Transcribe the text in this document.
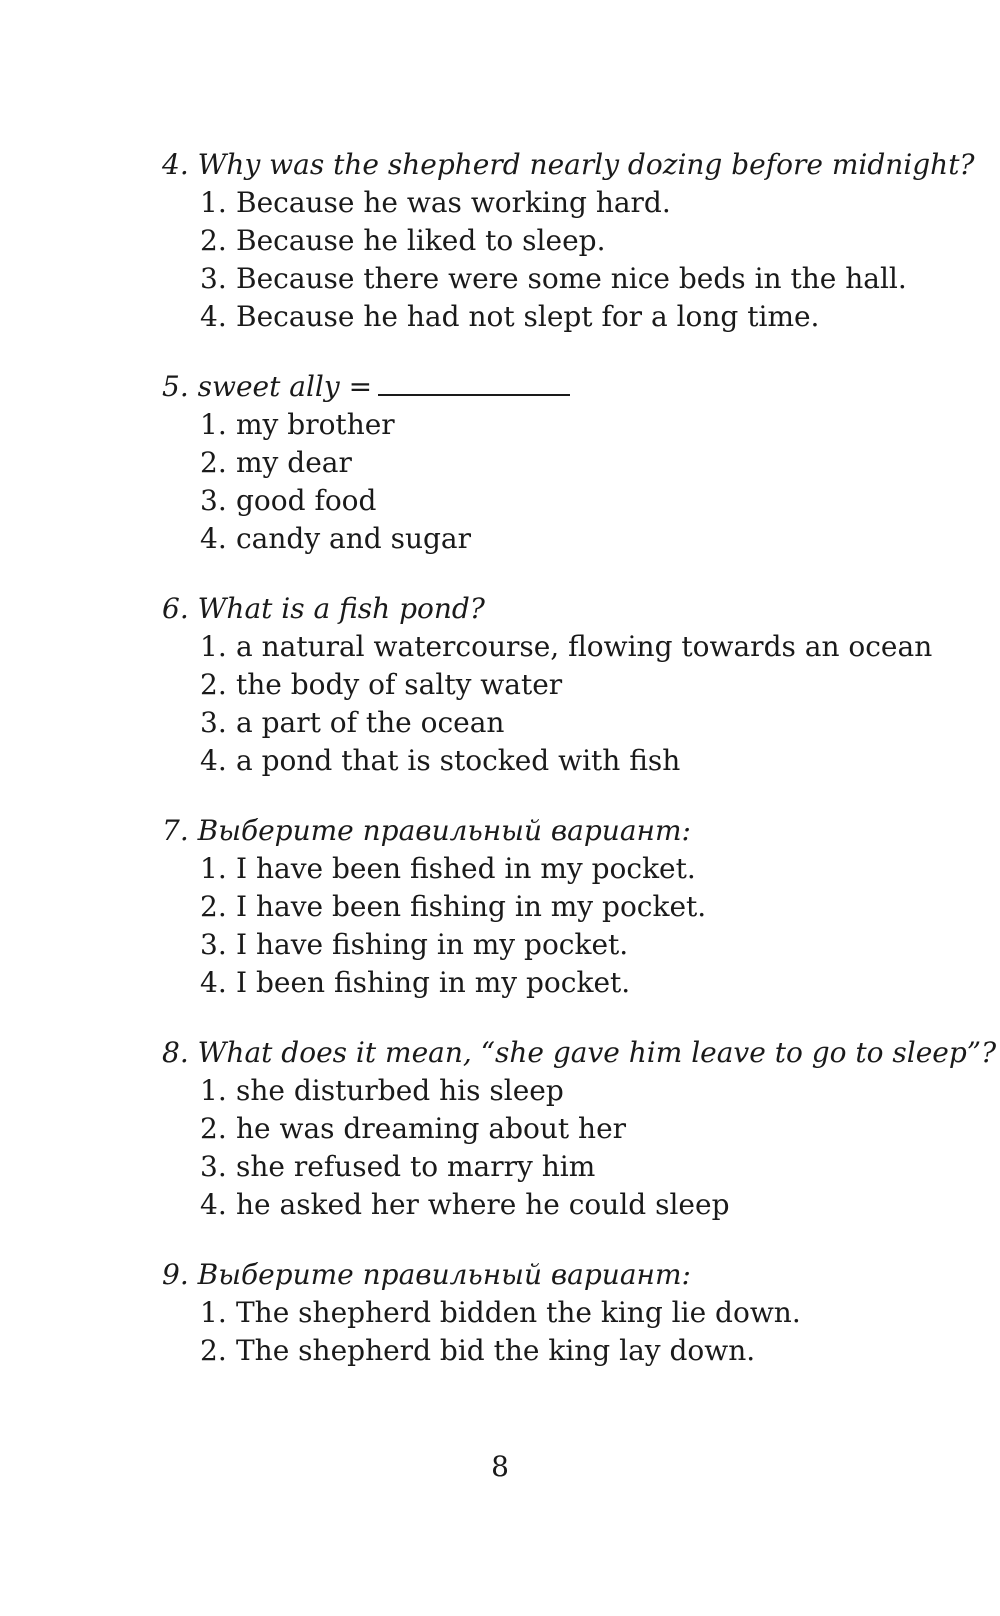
4. Why was the shepherd nearly dozing before midnight?

1. Because he was working hard.
2. Because he liked to sleep.
3. Because there were some nice beds in the hall.
4. Because he had not slept for a long time.

5. sweet ally =

1. my brother
2. my dear
3. good food
4. candy and sugar

6. What is a fish pond?

1. a natural watercourse, flowing towards an ocean
2. the body of salty water
3. a part of the ocean
4. a pond that is stocked with fish

7. Выберите правильный вариант:

1. I have been fished in my pocket.
2. I have been fishing in my pocket.
3. I have fishing in my pocket.
4. I been fishing in my pocket.

8. What does it mean, “she gave him leave to go to sleep”?

1. she disturbed his sleep
2. he was dreaming about her
3. she refused to marry him
4. he asked her where he could sleep

9. Выберите правильный вариант:

1. The shepherd bidden the king lie down.
2. The shepherd bid the king lay down.
8
